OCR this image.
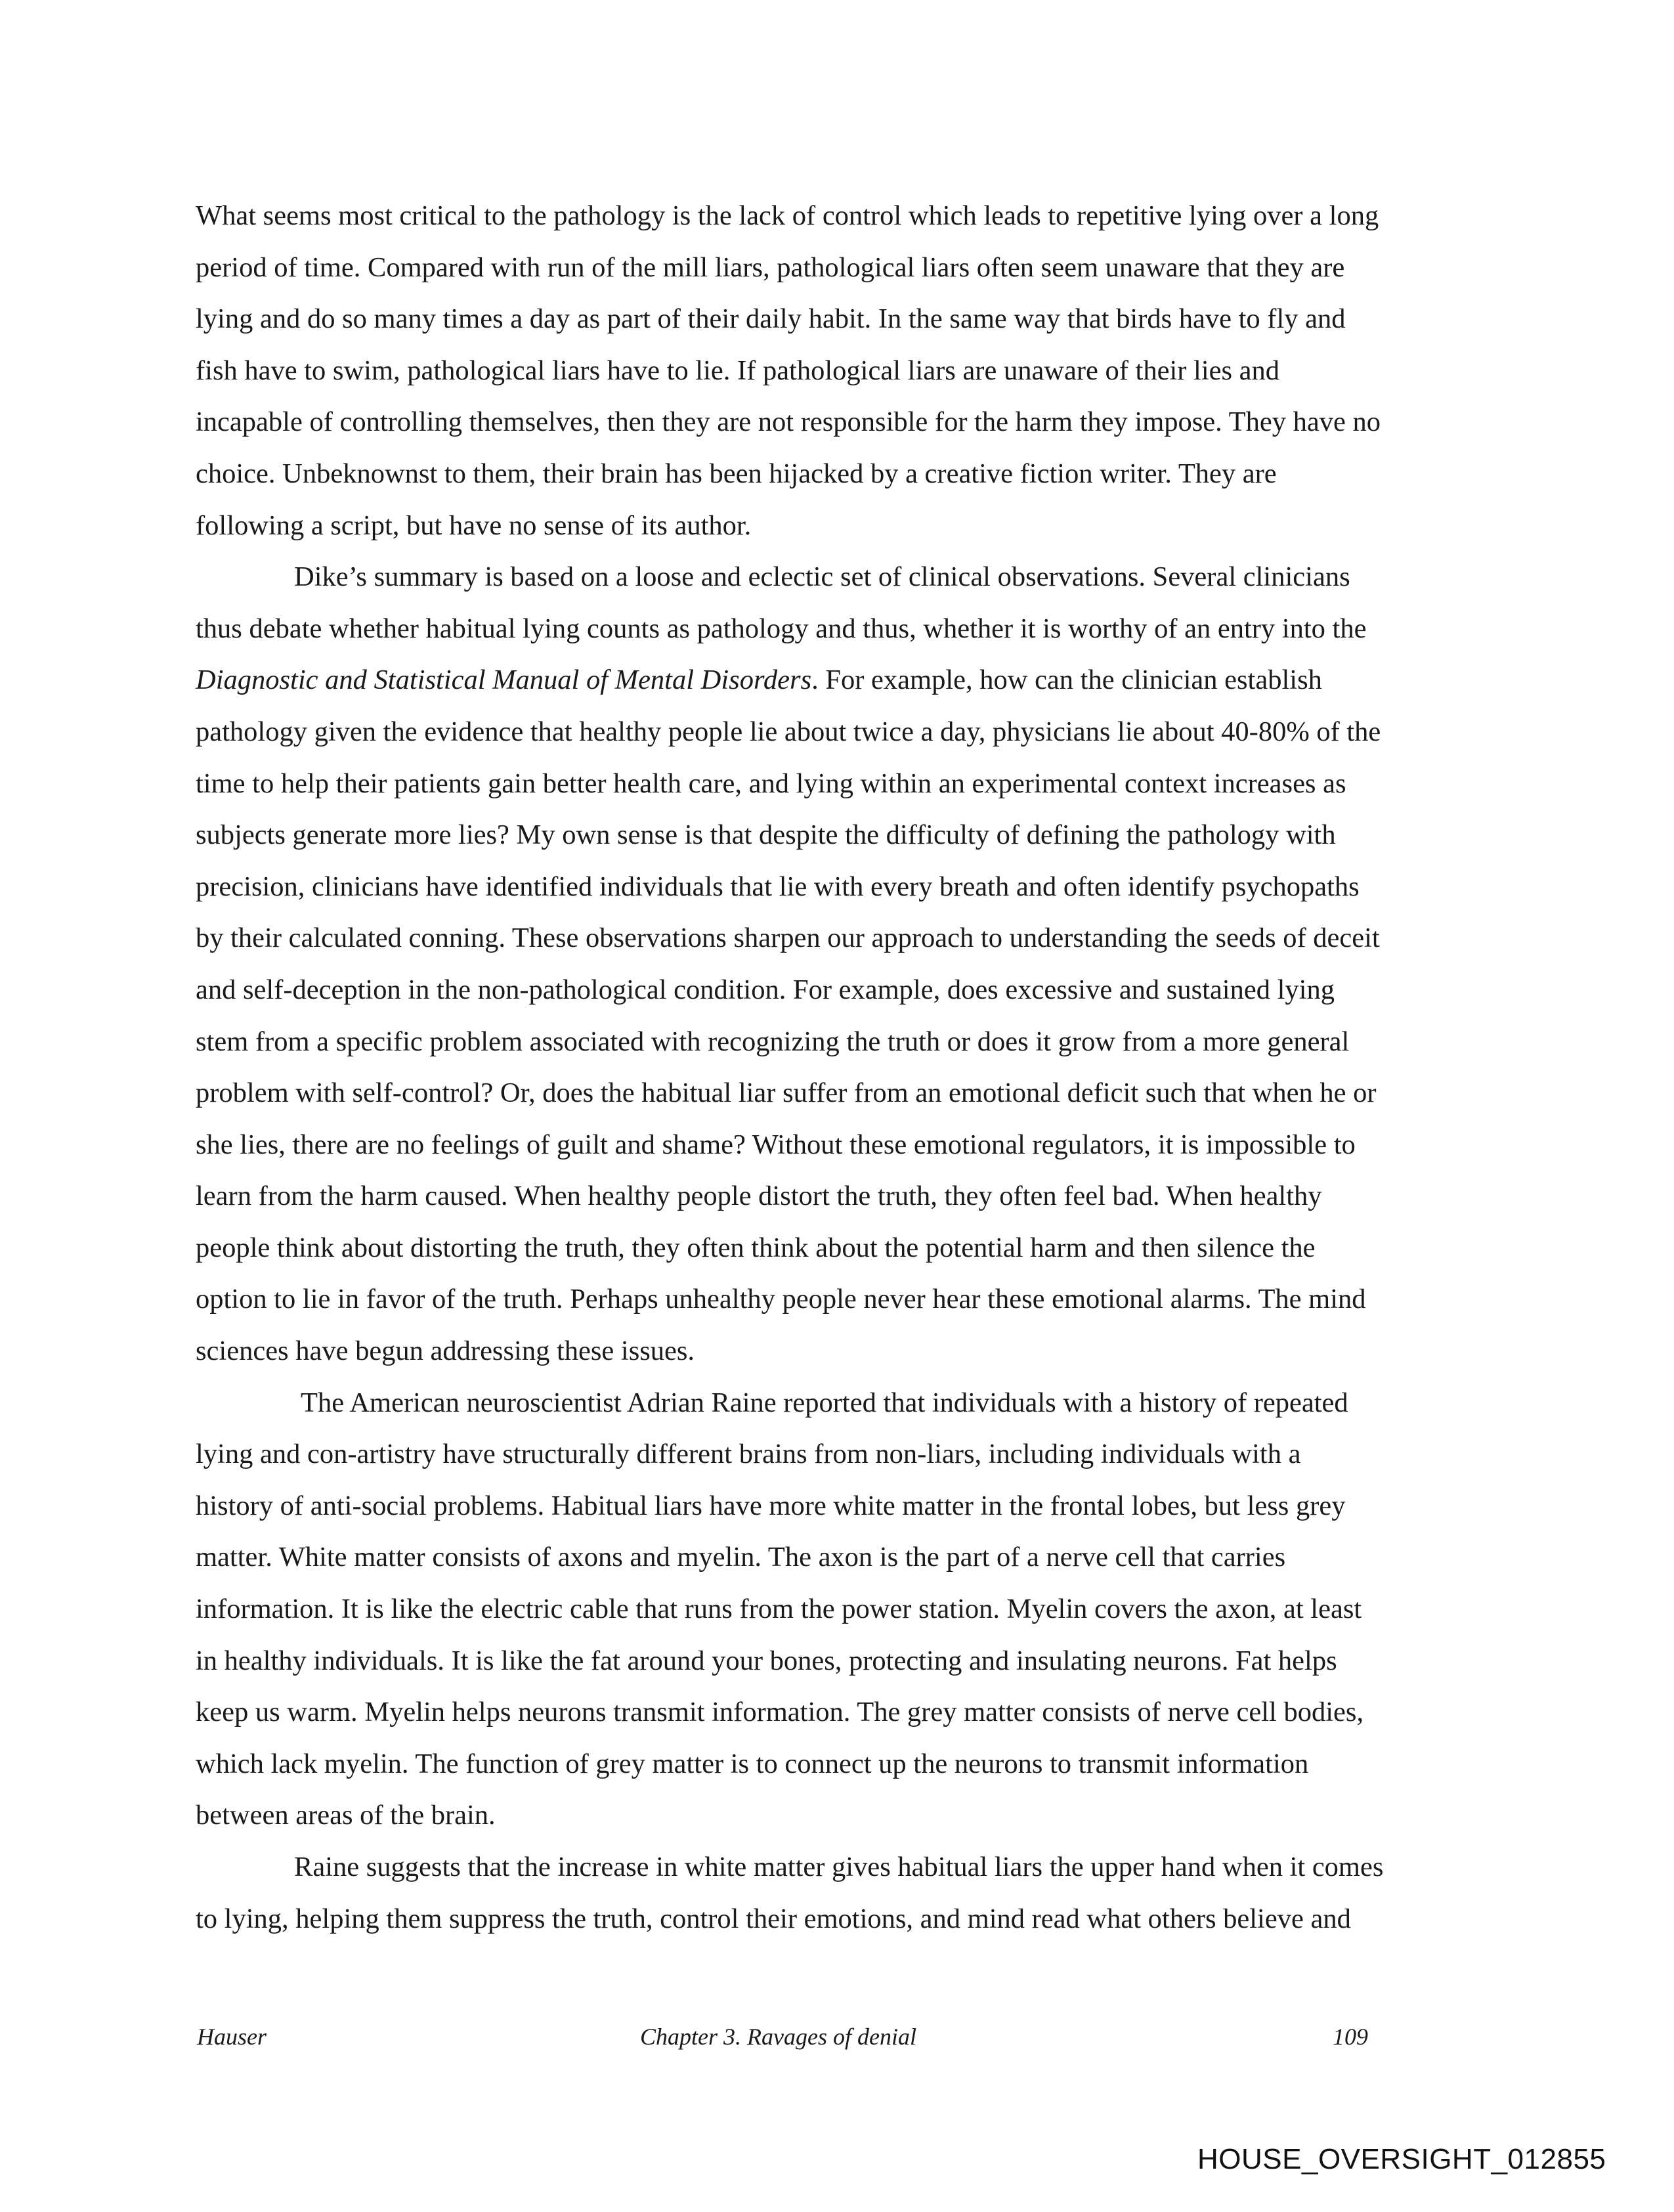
What seems most critical to the pathology is the lack of control which leads to repetitive lying over a long
period of time. Compared with run of the mill liars, pathological liars often seem unaware that they are
lying and do so many times a day as part of their daily habit. In the same way that birds have to fly and
fish have to swim, pathological liars have to lie. If pathological liars are unaware of their lies and
incapable of controlling themselves, then they are not responsible for the harm they impose. They have no
choice. Unbeknownst to them, their brain has been hijacked by a creative fiction writer. They are
following a script, but have no sense of its author.
Dike’s summary is based on a loose and eclectic set of clinical observations. Several clinicians
thus debate whether habitual lying counts as pathology and thus, whether it is worthy of an entry into the
Diagnostic and Statistical Manual of Mental Disorders. For example, how can the clinician establish
pathology given the evidence that healthy people lie about twice a day, physicians lie about 40-80% of the
time to help their patients gain better health care, and lying within an experimental context increases as
subjects generate more lies? My own sense is that despite the difficulty of defining the pathology with
precision, clinicians have identified individuals that lie with every breath and often identify psychopaths
by their calculated conning. These observations sharpen our approach to understanding the seeds of deceit
and self-deception in the non-pathological condition. For example, does excessive and sustained lying
stem from a specific problem associated with recognizing the truth or does it grow from a more general
problem with self-control? Or, does the habitual liar suffer from an emotional deficit such that when he or
she lies, there are no feelings of guilt and shame? Without these emotional regulators, it is impossible to
learn from the harm caused. When healthy people distort the truth, they often feel bad. When healthy
people think about distorting the truth, they often think about the potential harm and then silence the
option to lie in favor of the truth. Perhaps unhealthy people never hear these emotional alarms. The mind
sciences have begun addressing these issues.
The American neuroscientist Adrian Raine reported that individuals with a history of repeated
lying and con-artistry have structurally different brains from non-liars, including individuals with a
history of anti-social problems. Habitual liars have more white matter in the frontal lobes, but less grey
matter. White matter consists of axons and myelin. The axon is the part of a nerve cell that carries
information. It is like the electric cable that runs from the power station. Myelin covers the axon, at least
in healthy individuals. It is like the fat around your bones, protecting and insulating neurons. Fat helps
keep us warm. Myelin helps neurons transmit information. The grey matter consists of nerve cell bodies,
which lack myelin. The function of grey matter is to connect up the neurons to transmit information
between areas of the brain.
Raine suggests that the increase in white matter gives habitual liars the upper hand when it comes
to lying, helping them suppress the truth, control their emotions, and mind read what others believe and
Hauser	Chapter 3. Ravages of denial	109
HOUSE_OVERSIGHT_012855
